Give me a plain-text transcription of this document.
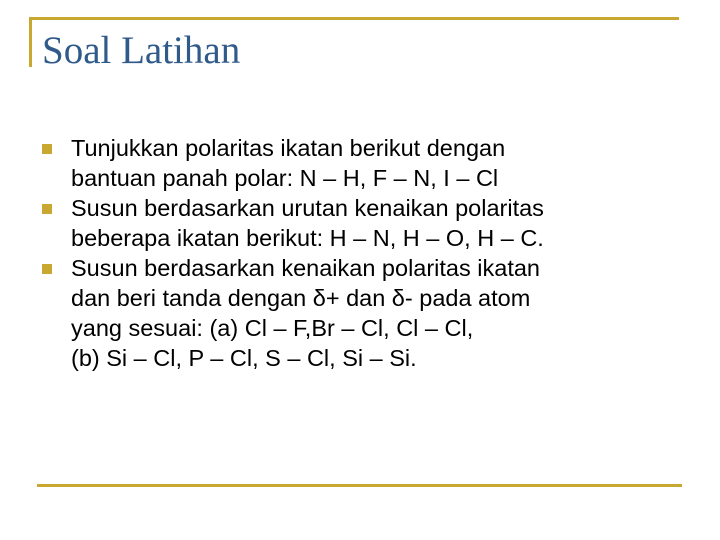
Soal Latihan
Tunjukkan polaritas ikatan berikut dengan
bantuan panah polar: N – H, F – N, I – Cl
Susun berdasarkan urutan kenaikan polaritas
beberapa ikatan berikut: H – N, H – O, H – C.
Susun berdasarkan kenaikan polaritas ikatan
dan beri tanda dengan δ+ dan δ- pada atom
yang sesuai: (a) Cl – F,Br – Cl, Cl – Cl,
(b) Si – Cl, P – Cl, S – Cl, Si – Si.
